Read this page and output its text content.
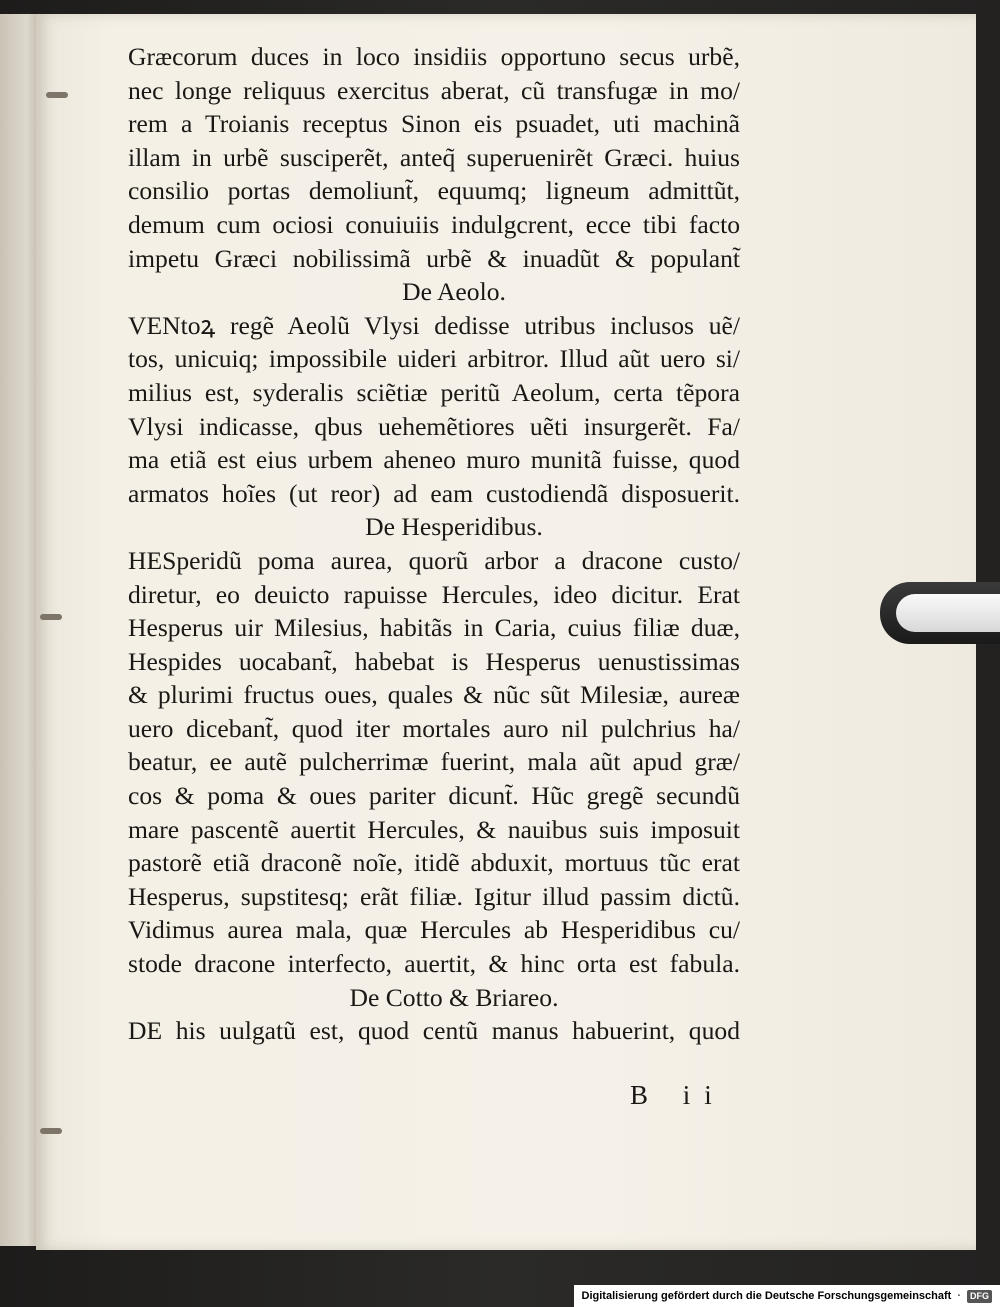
Græcorum duces in loco insidiis opportuno secus urbẽ,
nec longe reliquus exercitus aberat, cũ transfugæ in mo/
rem a Troianis receptus Sinon eis psuadet, uti machinã
illam in urbẽ susciperẽt, anteq̃ superuenirẽt Græci. huius
consilio portas demoliunt̃, equumq; ligneum admittũt,
demum cum ociosi conuiuiis indulgcrent, ecce tibi facto
impetu Græci nobilissimã urbẽ & inuadũt & populant̃
De Aeolo.
VENtoꝝ regẽ Aeolũ Vlysi dedisse utribus inclusos uẽ/
tos, unicuiq; impossibile uideri arbitror. Illud aũt uero si/
milius est, syderalis sciẽtiæ peritũ Aeolum, certa tẽpora
Vlysi indicasse, qbus uehemẽtiores uẽti insurgerẽt. Fa/
ma etiã est eius urbem aheneo muro munitã fuisse, quod
armatos hoĩes (ut reor) ad eam custodiendã disposuerit.
De Hesperidibus.
HESperidũ poma aurea, quorũ arbor a dracone custo/
diretur, eo deuicto rapuisse Hercules, ideo dicitur. Erat
Hesperus uir Milesius, habitãs in Caria, cuius filiæ duæ,
Hespides uocabant̃, habebat is Hesperus uenustissimas
& plurimi fructus oues, quales & nũc sũt Milesiæ, aureæ
uero dicebant̃, quod iter mortales auro nil pulchrius ha/
beatur, ee autẽ pulcherrimæ fuerint, mala aũt apud græ/
cos & poma & oues pariter dicunt̃. Hũc gregẽ secundũ
mare pascentẽ auertit Hercules, & nauibus suis imposuit
pastorẽ etiã draconẽ noĩe, itidẽ abduxit, mortuus tũc erat
Hesperus, supstitesq; erãt filiæ. Igitur illud passim dictũ.
Vidimus aurea mala, quæ Hercules ab Hesperidibus cu/
stode dracone interfecto, auertit, & hinc orta est fabula.
De Cotto & Briareo.
DE his uulgatũ est, quod centũ manus habuerint, quod
B ii
Digitalisierung gefördert durch die Deutsche Forschungsgemeinschaft ·	DFG
